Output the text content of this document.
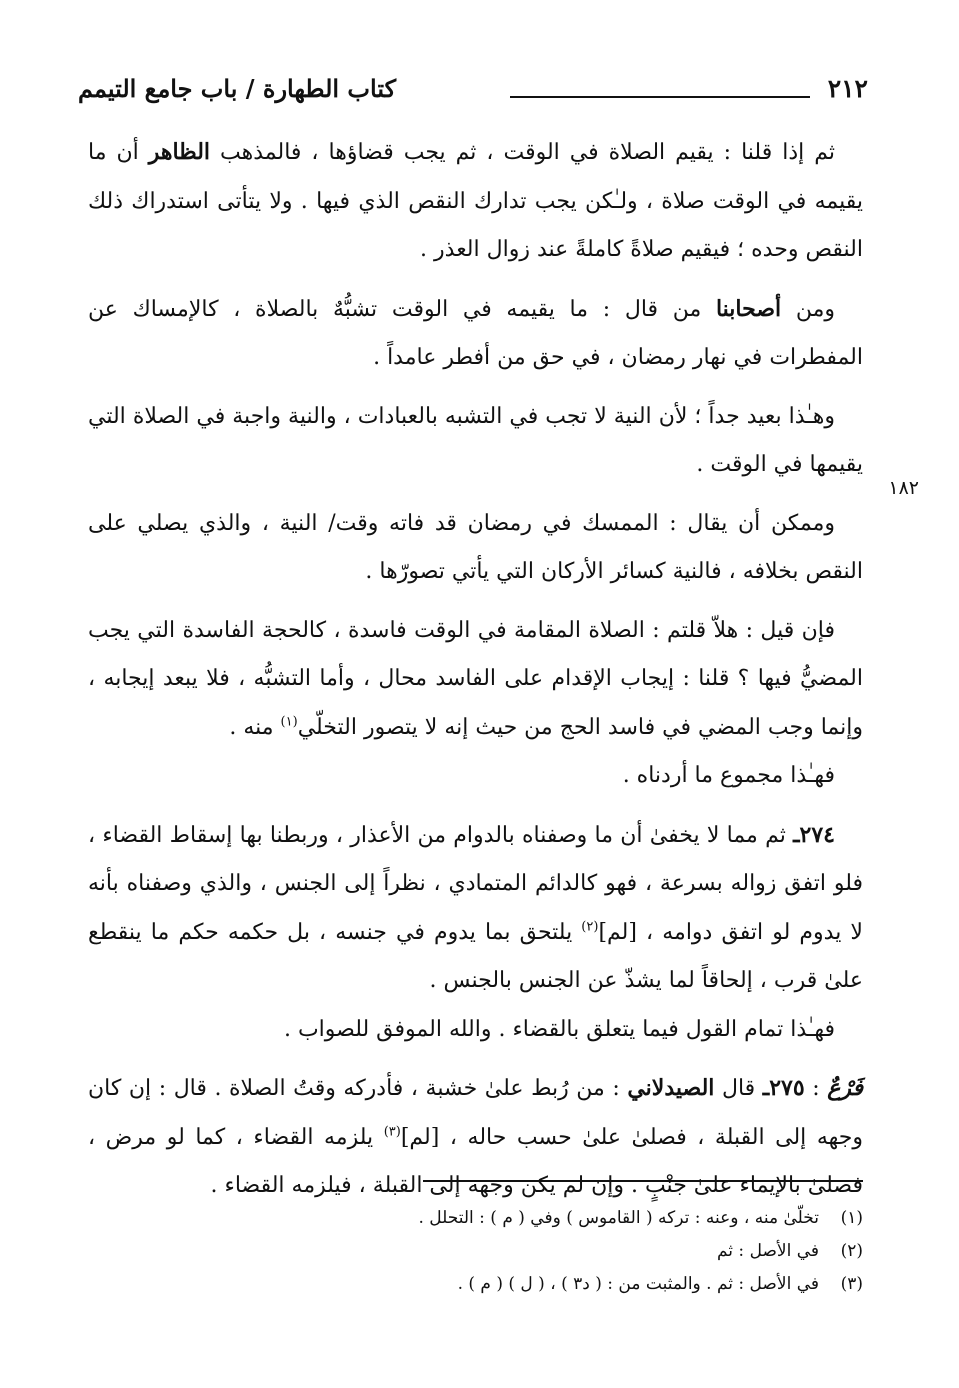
٢١٢
كتاب الطهارة / باب جامع التيمم
١٨٢

ثم إذا قلنا : يقيم الصلاة في الوقت ، ثم يجب قضاؤها ، فالمذهب الظاهر أن ما يقيمه في الوقت صلاة ، ولـٰكن يجب تدارك النقص الذي فيها . ولا يتأتى استدراك ذلك النقص وحده ؛ فيقيم صلاةً كاملةً عند زوال العذر .

ومن أصحابنا من قال : ما يقيمه في الوقت تشبُّهٌ بالصلاة ، كالإمساك عن المفطرات في نهار رمضان ، في حق من أفطر عامداً .

وهـٰذا بعيد جداً ؛ لأن النية لا تجب في التشبه بالعبادات ، والنية واجبة في الصلاة التي يقيمها في الوقت .

وممكن أن يقال : الممسك في رمضان قد فاته وقت/ النية ، والذي يصلي على النقص بخلافه ، فالنية كسائر الأركان التي يأتي تصورّها .

فإن قيل : هلاّ قلتم : الصلاة المقامة في الوقت فاسدة ، كالحجة الفاسدة التي يجب المضيُّ فيها ؟ قلنا : إيجاب الإقدام على الفاسد محال ، وأما التشبُّه ، فلا يبعد إيجابه ، وإنما وجب المضي في فاسد الحج من حيث إنه لا يتصور التخلّي$^{(١)}$ منه .

فهـٰذا مجموع ما أردناه .

٢٧٤ـ ثم مما لا يخفىٰ أن ما وصفناه بالدوام من الأعذار ، وربطنا بها إسقاط القضاء ، فلو اتفق زواله بسرعة ، فهو كالدائم المتمادي ، نظراً إلى الجنس ، والذي وصفناه بأنه لا يدوم لو اتفق دوامه ، [لم]$^{(٢)}$ يلتحق بما يدوم في جنسه ، بل حكمه حكم ما ينقطع علىٰ قرب ، إلحاقاً لما يشذّ عن الجنس بالجنس .

فهـٰذا تمام القول فيما يتعلق بالقضاء . والله الموفق للصواب .

فَرْعٌ : ٢٧٥ـ قال الصيدلاني : من رُبط علىٰ خشبة ، فأدركه وقتُ الصلاة . قال : إن كان وجهه إلى القبلة ، فصلىٰ علىٰ حسب حاله ، [لم]$^{(٣)}$ يلزمه القضاء ، كما لو مرض ، فصلىٰ بالإيماء علىٰ جنْبٍ . وإن لم يكن وجهه إلى القبلة ، فيلزمه القضاء .

(١)تخلّىٰ منه ، وعنه : تركه ( القاموس ) وفي ( م ) : التحلل .

(٢)في الأصل : ثم

(٣)في الأصل : ثم . والمثبت من : ( د٣ ) ، ( ل ) ( م ) .
